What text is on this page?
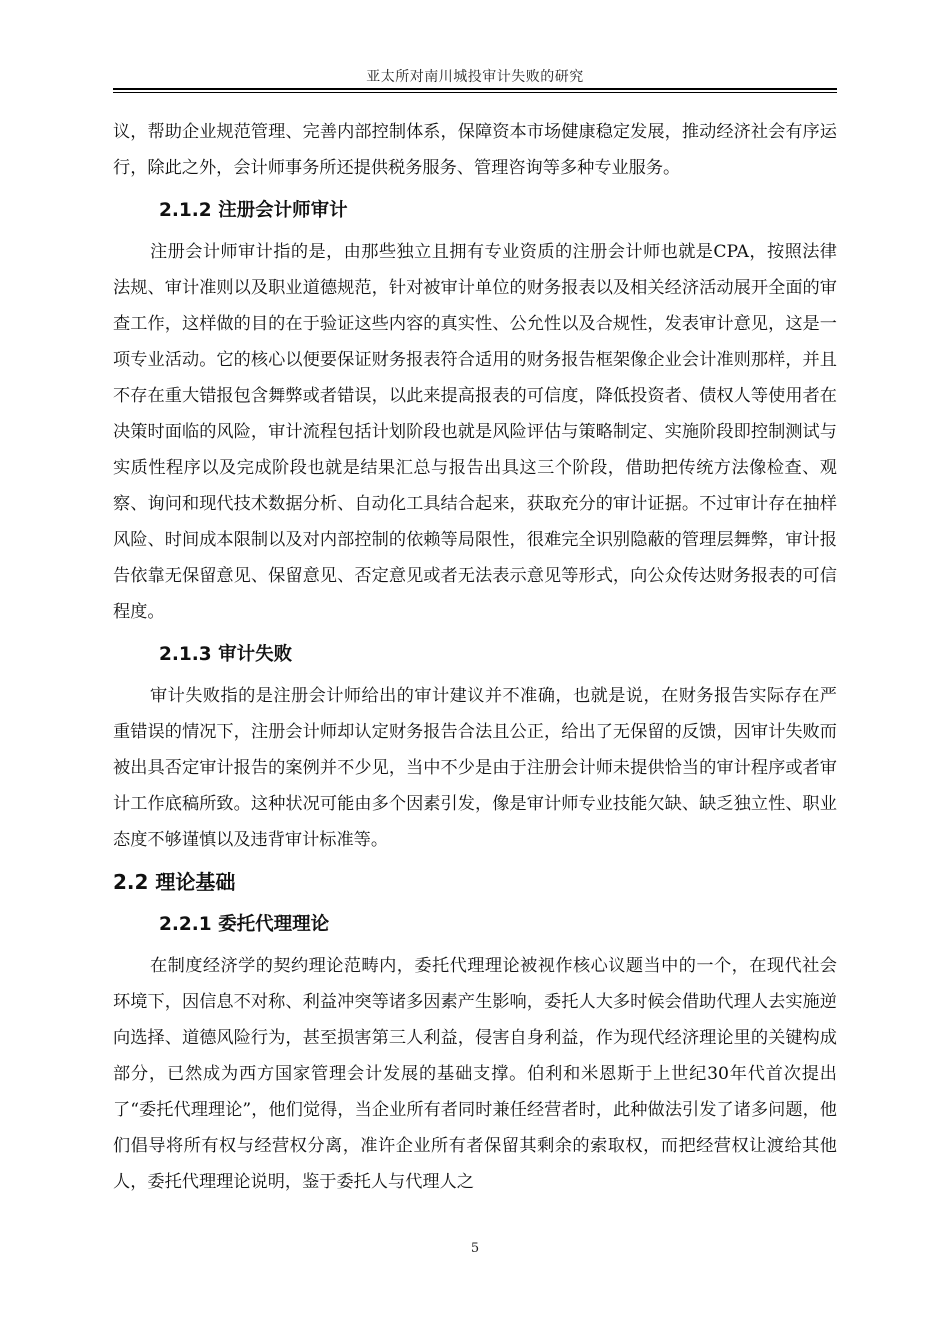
亚太所对南川城投审计失败的研究

议，帮助企业规范管理、完善内部控制体系，保障资本市场健康稳定发展，推动经济社会有序运行，除此之外，会计师事务所还提供税务服务、管理咨询等多种专业服务。

2.1.2 注册会计师审计

注册会计师审计指的是，由那些独立且拥有专业资质的注册会计师也就是CPA，按照法律法规、审计准则以及职业道德规范，针对被审计单位的财务报表以及相关经济活动展开全面的审查工作，这样做的目的在于验证这些内容的真实性、公允性以及合规性，发表审计意见，这是一项专业活动。它的核心以便要保证财务报表符合适用的财务报告框架像企业会计准则那样，并且不存在重大错报包含舞弊或者错误，以此来提高报表的可信度，降低投资者、债权人等使用者在决策时面临的风险，审计流程包括计划阶段也就是风险评估与策略制定、实施阶段即控制测试与实质性程序以及完成阶段也就是结果汇总与报告出具这三个阶段，借助把传统方法像检查、观察、询问和现代技术数据分析、自动化工具结合起来，获取充分的审计证据。不过审计存在抽样风险、时间成本限制以及对内部控制的依赖等局限性，很难完全识别隐蔽的管理层舞弊，审计报告依靠无保留意见、保留意见、否定意见或者无法表示意见等形式，向公众传达财务报表的可信程度。

2.1.3 审计失败

审计失败指的是注册会计师给出的审计建议并不准确，也就是说，在财务报告实际存在严重错误的情况下，注册会计师却认定财务报告合法且公正，给出了无保留的反馈，因审计失败而被出具否定审计报告的案例并不少见，当中不少是由于注册会计师未提供恰当的审计程序或者审计工作底稿所致。这种状况可能由多个因素引发，像是审计师专业技能欠缺、缺乏独立性、职业态度不够谨慎以及违背审计标准等。

2.2 理论基础
2.2.1 委托代理理论

在制度经济学的契约理论范畴内，委托代理理论被视作核心议题当中的一个，在现代社会环境下，因信息不对称、利益冲突等诸多因素产生影响，委托人大多时候会借助代理人去实施逆向选择、道德风险行为，甚至损害第三人利益，侵害自身利益，作为现代经济理论里的关键构成部分，已然成为西方国家管理会计发展的基础支撑。伯利和米恩斯于上世纪30年代首次提出了“委托代理理论”，他们觉得，当企业所有者同时兼任经营者时，此种做法引发了诸多问题，他们倡导将所有权与经营权分离，准许企业所有者保留其剩余的索取权，而把经营权让渡给其他人，委托代理理论说明，鉴于委托人与代理人之

5
